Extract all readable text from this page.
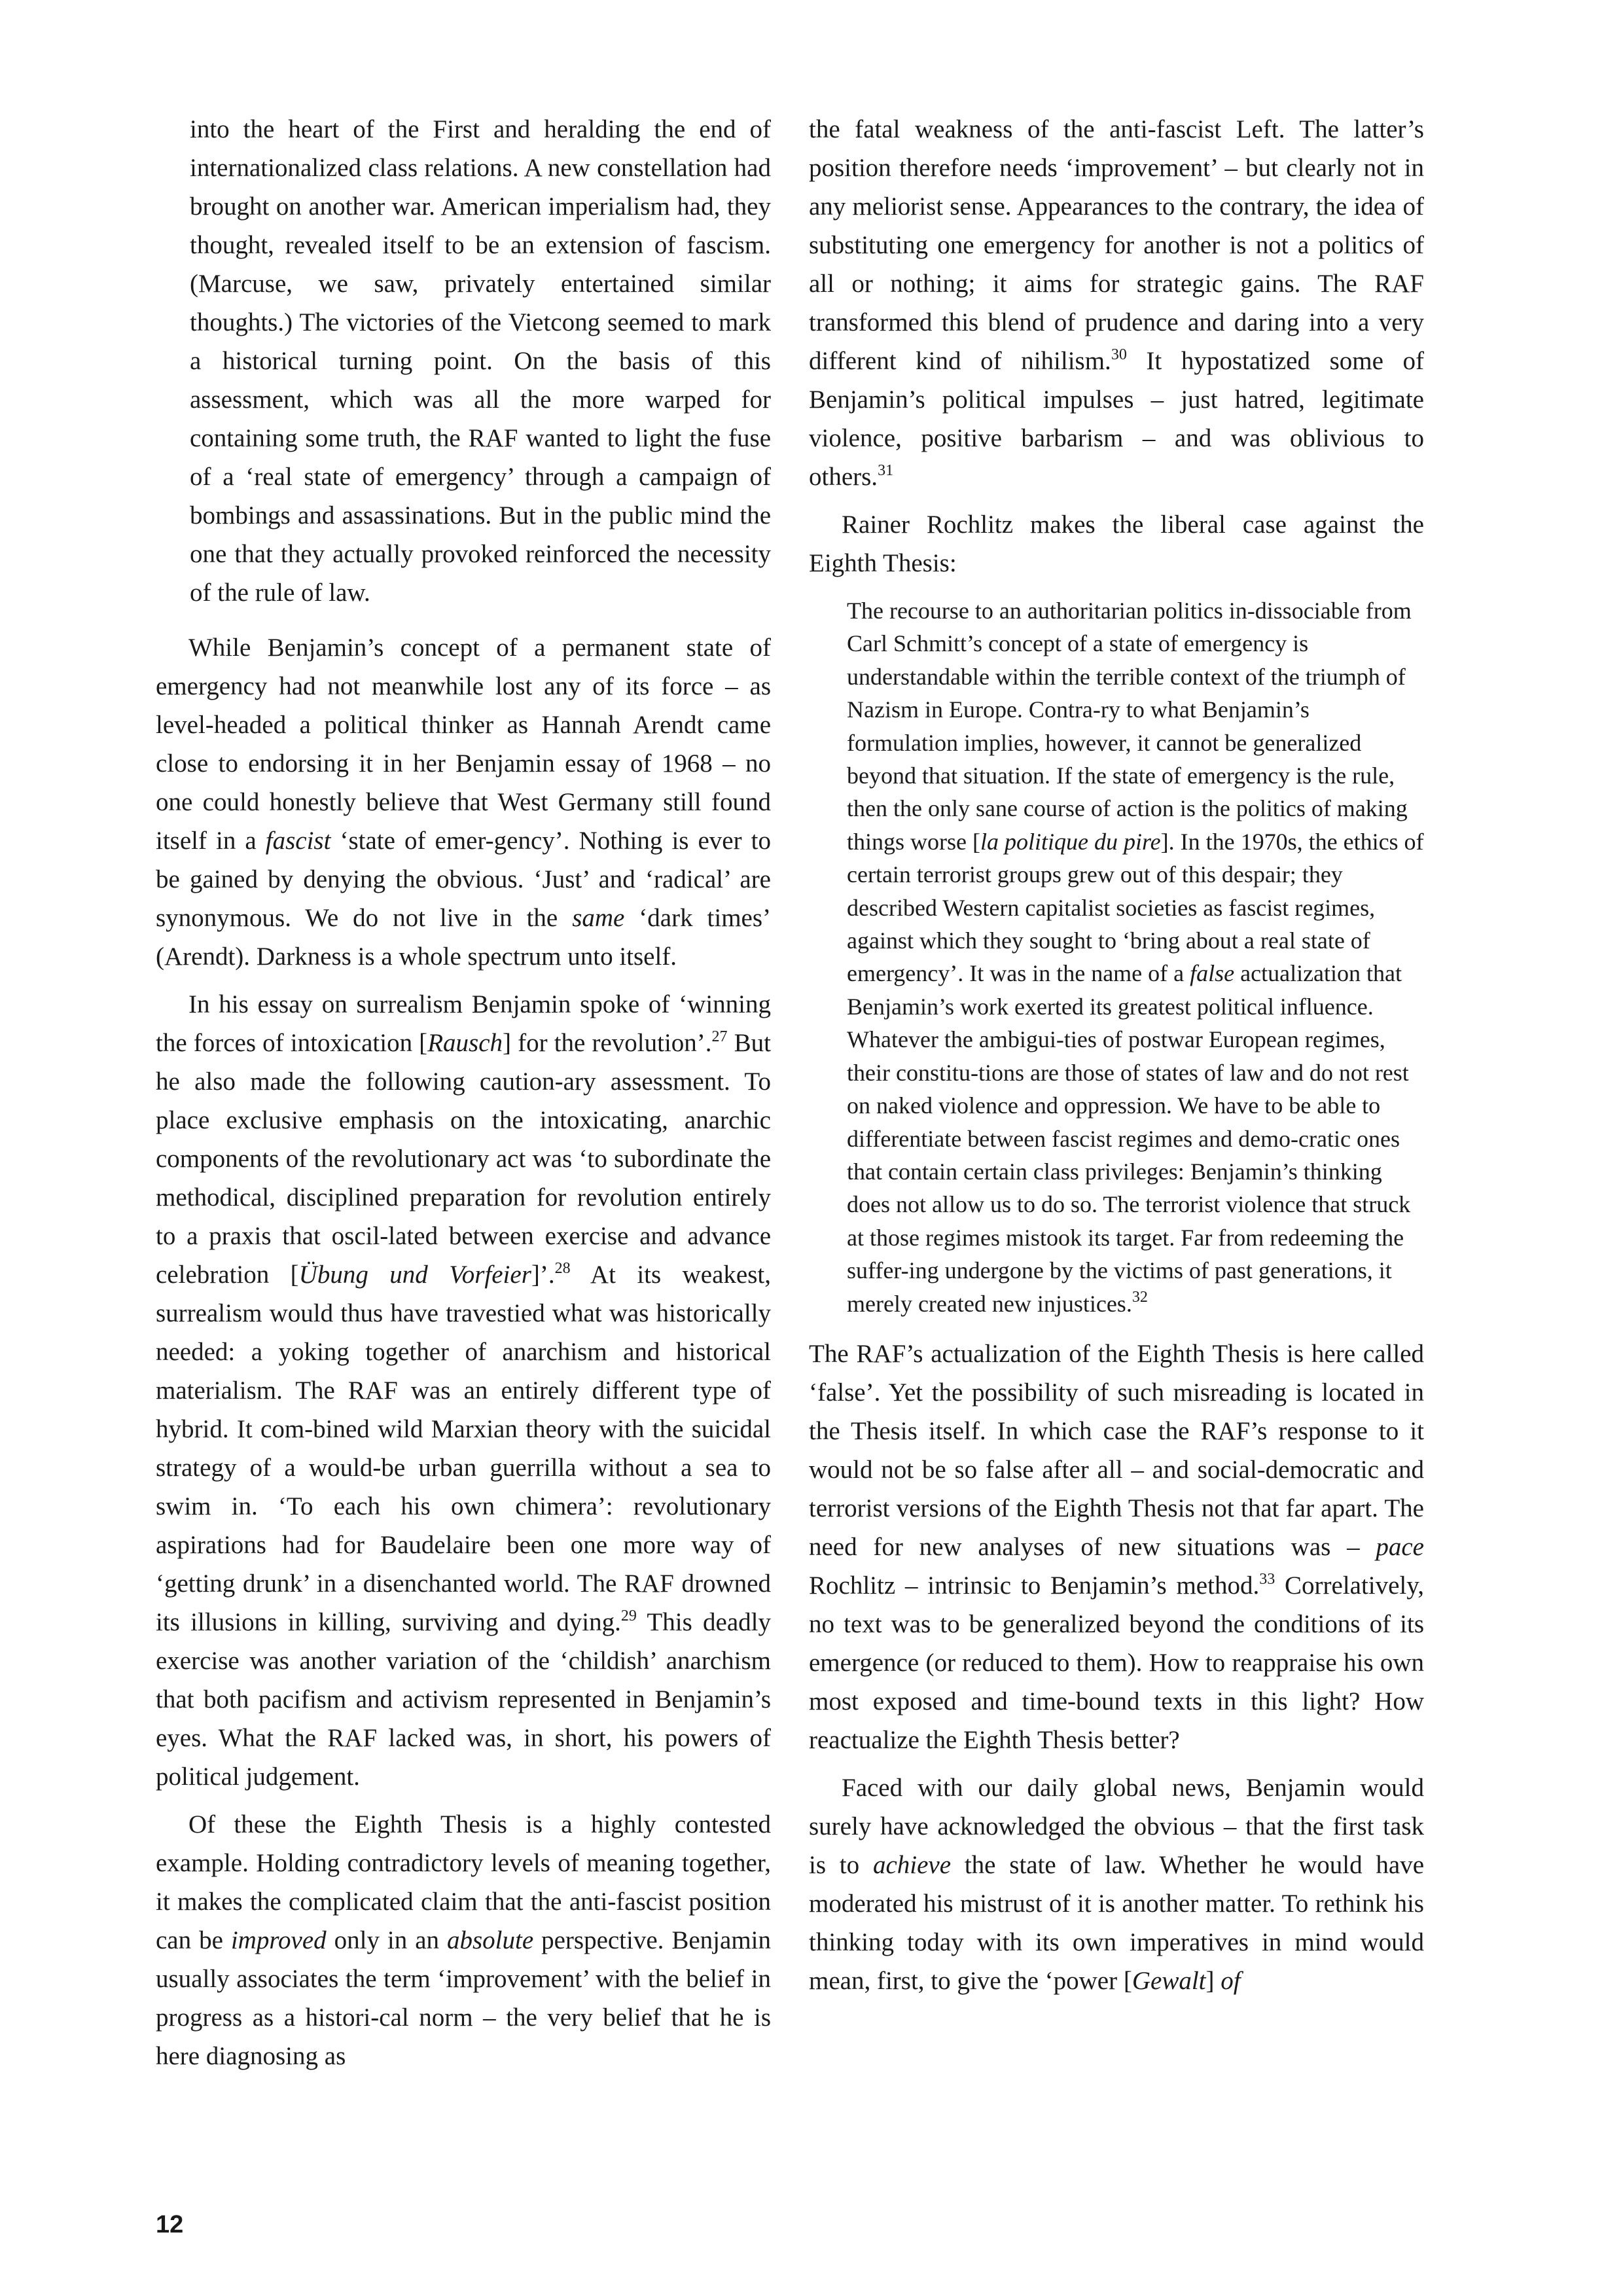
into the heart of the First and heralding the end of internationalized class relations. A new constellation had brought on another war. American imperialism had, they thought, revealed itself to be an extension of fascism. (Marcuse, we saw, privately entertained similar thoughts.) The victories of the Vietcong seemed to mark a historical turning point. On the basis of this assessment, which was all the more warped for containing some truth, the RAF wanted to light the fuse of a ‘real state of emergency’ through a campaign of bombings and assassinations. But in the public mind the one that they actually provoked reinforced the necessity of the rule of law.

While Benjamin’s concept of a permanent state of emergency had not meanwhile lost any of its force – as level-headed a political thinker as Hannah Arendt came close to endorsing it in her Benjamin essay of 1968 – no one could honestly believe that West Germany still found itself in a fascist ‘state of emer-gency’. Nothing is ever to be gained by denying the obvious. ‘Just’ and ‘radical’ are synonymous. We do not live in the same ‘dark times’ (Arendt). Darkness is a whole spectrum unto itself.

In his essay on surrealism Benjamin spoke of ‘winning the forces of intoxication [Rausch] for the revolution’.$^{27}$ But he also made the following caution-ary assessment. To place exclusive emphasis on the intoxicating, anarchic components of the revolutionary act was ‘to subordinate the methodical, disciplined preparation for revolution entirely to a praxis that oscil-lated between exercise and advance celebration [Übung und Vorfeier]’.$^{28}$ At its weakest, surrealism would thus have travestied what was historically needed: a yoking together of anarchism and historical materialism. The RAF was an entirely different type of hybrid. It com-bined wild Marxian theory with the suicidal strategy of a would-be urban guerrilla without a sea to swim in. ‘To each his own chimera’: revolutionary aspirations had for Baudelaire been one more way of ‘getting drunk’ in a disenchanted world. The RAF drowned its illusions in killing, surviving and dying.$^{29}$ This deadly exercise was another variation of the ‘childish’ anarchism that both pacifism and activism represented in Benjamin’s eyes. What the RAF lacked was, in short, his powers of political judgement.

Of these the Eighth Thesis is a highly contested example. Holding contradictory levels of meaning together, it makes the complicated claim that the anti-fascist position can be improved only in an absolute perspective. Benjamin usually associates the term ‘improvement’ with the belief in progress as a histori-cal norm – the very belief that he is here diagnosing as

the fatal weakness of the anti-fascist Left. The latter’s position therefore needs ‘improvement’ – but clearly not in any meliorist sense. Appearances to the contrary, the idea of substituting one emergency for another is not a politics of all or nothing; it aims for strategic gains. The RAF transformed this blend of prudence and daring into a very different kind of nihilism.$^{30}$ It hypostatized some of Benjamin’s political impulses – just hatred, legitimate violence, positive barbarism – and was oblivious to others.$^{31}$

Rainer Rochlitz makes the liberal case against the Eighth Thesis:

The recourse to an authoritarian politics in-dissociable from Carl Schmitt’s concept of a state of emergency is understandable within the terrible context of the triumph of Nazism in Europe. Contra-ry to what Benjamin’s formulation implies, however, it cannot be generalized beyond that situation. If the state of emergency is the rule, then the only sane course of action is the politics of making things worse [la politique du pire]. In the 1970s, the ethics of certain terrorist groups grew out of this despair; they described Western capitalist societies as fascist regimes, against which they sought to ‘bring about a real state of emergency’. It was in the name of a false actualization that Benjamin’s work exerted its greatest political influence. Whatever the ambigui-ties of postwar European regimes, their constitu-tions are those of states of law and do not rest on naked violence and oppression. We have to be able to differentiate between fascist regimes and demo-cratic ones that contain certain class privileges: Benjamin’s thinking does not allow us to do so. The terrorist violence that struck at those regimes mistook its target. Far from redeeming the suffer-ing undergone by the victims of past generations, it merely created new injustices.$^{32}$

The RAF’s actualization of the Eighth Thesis is here called ‘false’. Yet the possibility of such misreading is located in the Thesis itself. In which case the RAF’s response to it would not be so false after all – and social-democratic and terrorist versions of the Eighth Thesis not that far apart. The need for new analyses of new situations was – pace Rochlitz – intrinsic to Benjamin’s method.$^{33}$ Correlatively, no text was to be generalized beyond the conditions of its emergence (or reduced to them). How to reappraise his own most exposed and time-bound texts in this light? How reactualize the Eighth Thesis better?

Faced with our daily global news, Benjamin would surely have acknowledged the obvious – that the first task is to achieve the state of law. Whether he would have moderated his mistrust of it is another matter. To rethink his thinking today with its own imperatives in mind would mean, first, to give the ‘power [Gewalt] of

12
